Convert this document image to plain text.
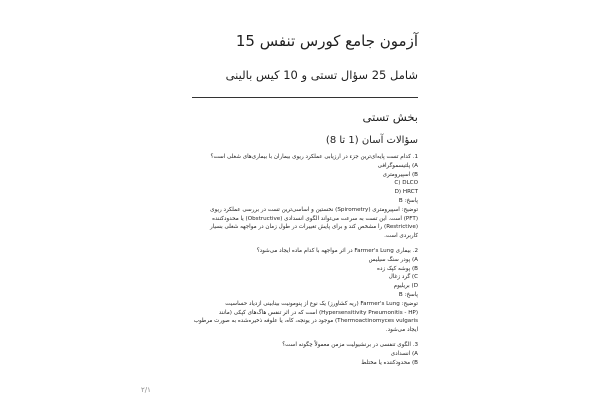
آزمون جامع کورس تنفس 15
شامل 25 سؤال تستی و 10 کیس بالینی
بخش تستی
سؤالات آسان (1 تا 8)
1. کدام تست پایه‌ای‌ترین جزء در ارزیابی عملکرد ریوی بیماران با بیماری‌های شغلی است؟
A) پلتیسموگرافی
B) اسپیرومتری
C) DLCO
D) HRCT
پاسخ: B
توضیح: اسپیرومتری (Spirometry) نخستین و اساسی‌ترین تست در بررسی عملکرد ریوی
(PFT) است. این تست به سرعت می‌تواند الگوی انسدادی (Obstructive) یا محدودکننده
(Restrictive) را مشخص کند و برای پایش تغییرات در طول زمان در مواجهه شغلی بسیار
کاربردی است.
2. بیماری Farmer's Lung در اثر مواجهه با کدام ماده ایجاد می‌شود؟
A) پودر سنگ سیلیس
B) پوشه کپک زده
C) گرد زغال
D) بریلیوم
پاسخ: B
توضیح: Farmer's Lung (ریه کشاورز) یک نوع از پنومونیت بینابینی ازدیاد حساسیت
(Hypersensitivity Pneumonitis - HP) است که در اثر تنفس هاگ‌های کپکی (مانند
Thermoactinomyces vulgaris) موجود در یونجه، کاه، یا علوفه ذخیره‌شده به صورت مرطوب
ایجاد می‌شود.
3. الگوی تنفسی در برنشیولیت مزمن معمولاً چگونه است؟
A) انسدادی
B) محدودکننده یا مختلط
۲/۱
